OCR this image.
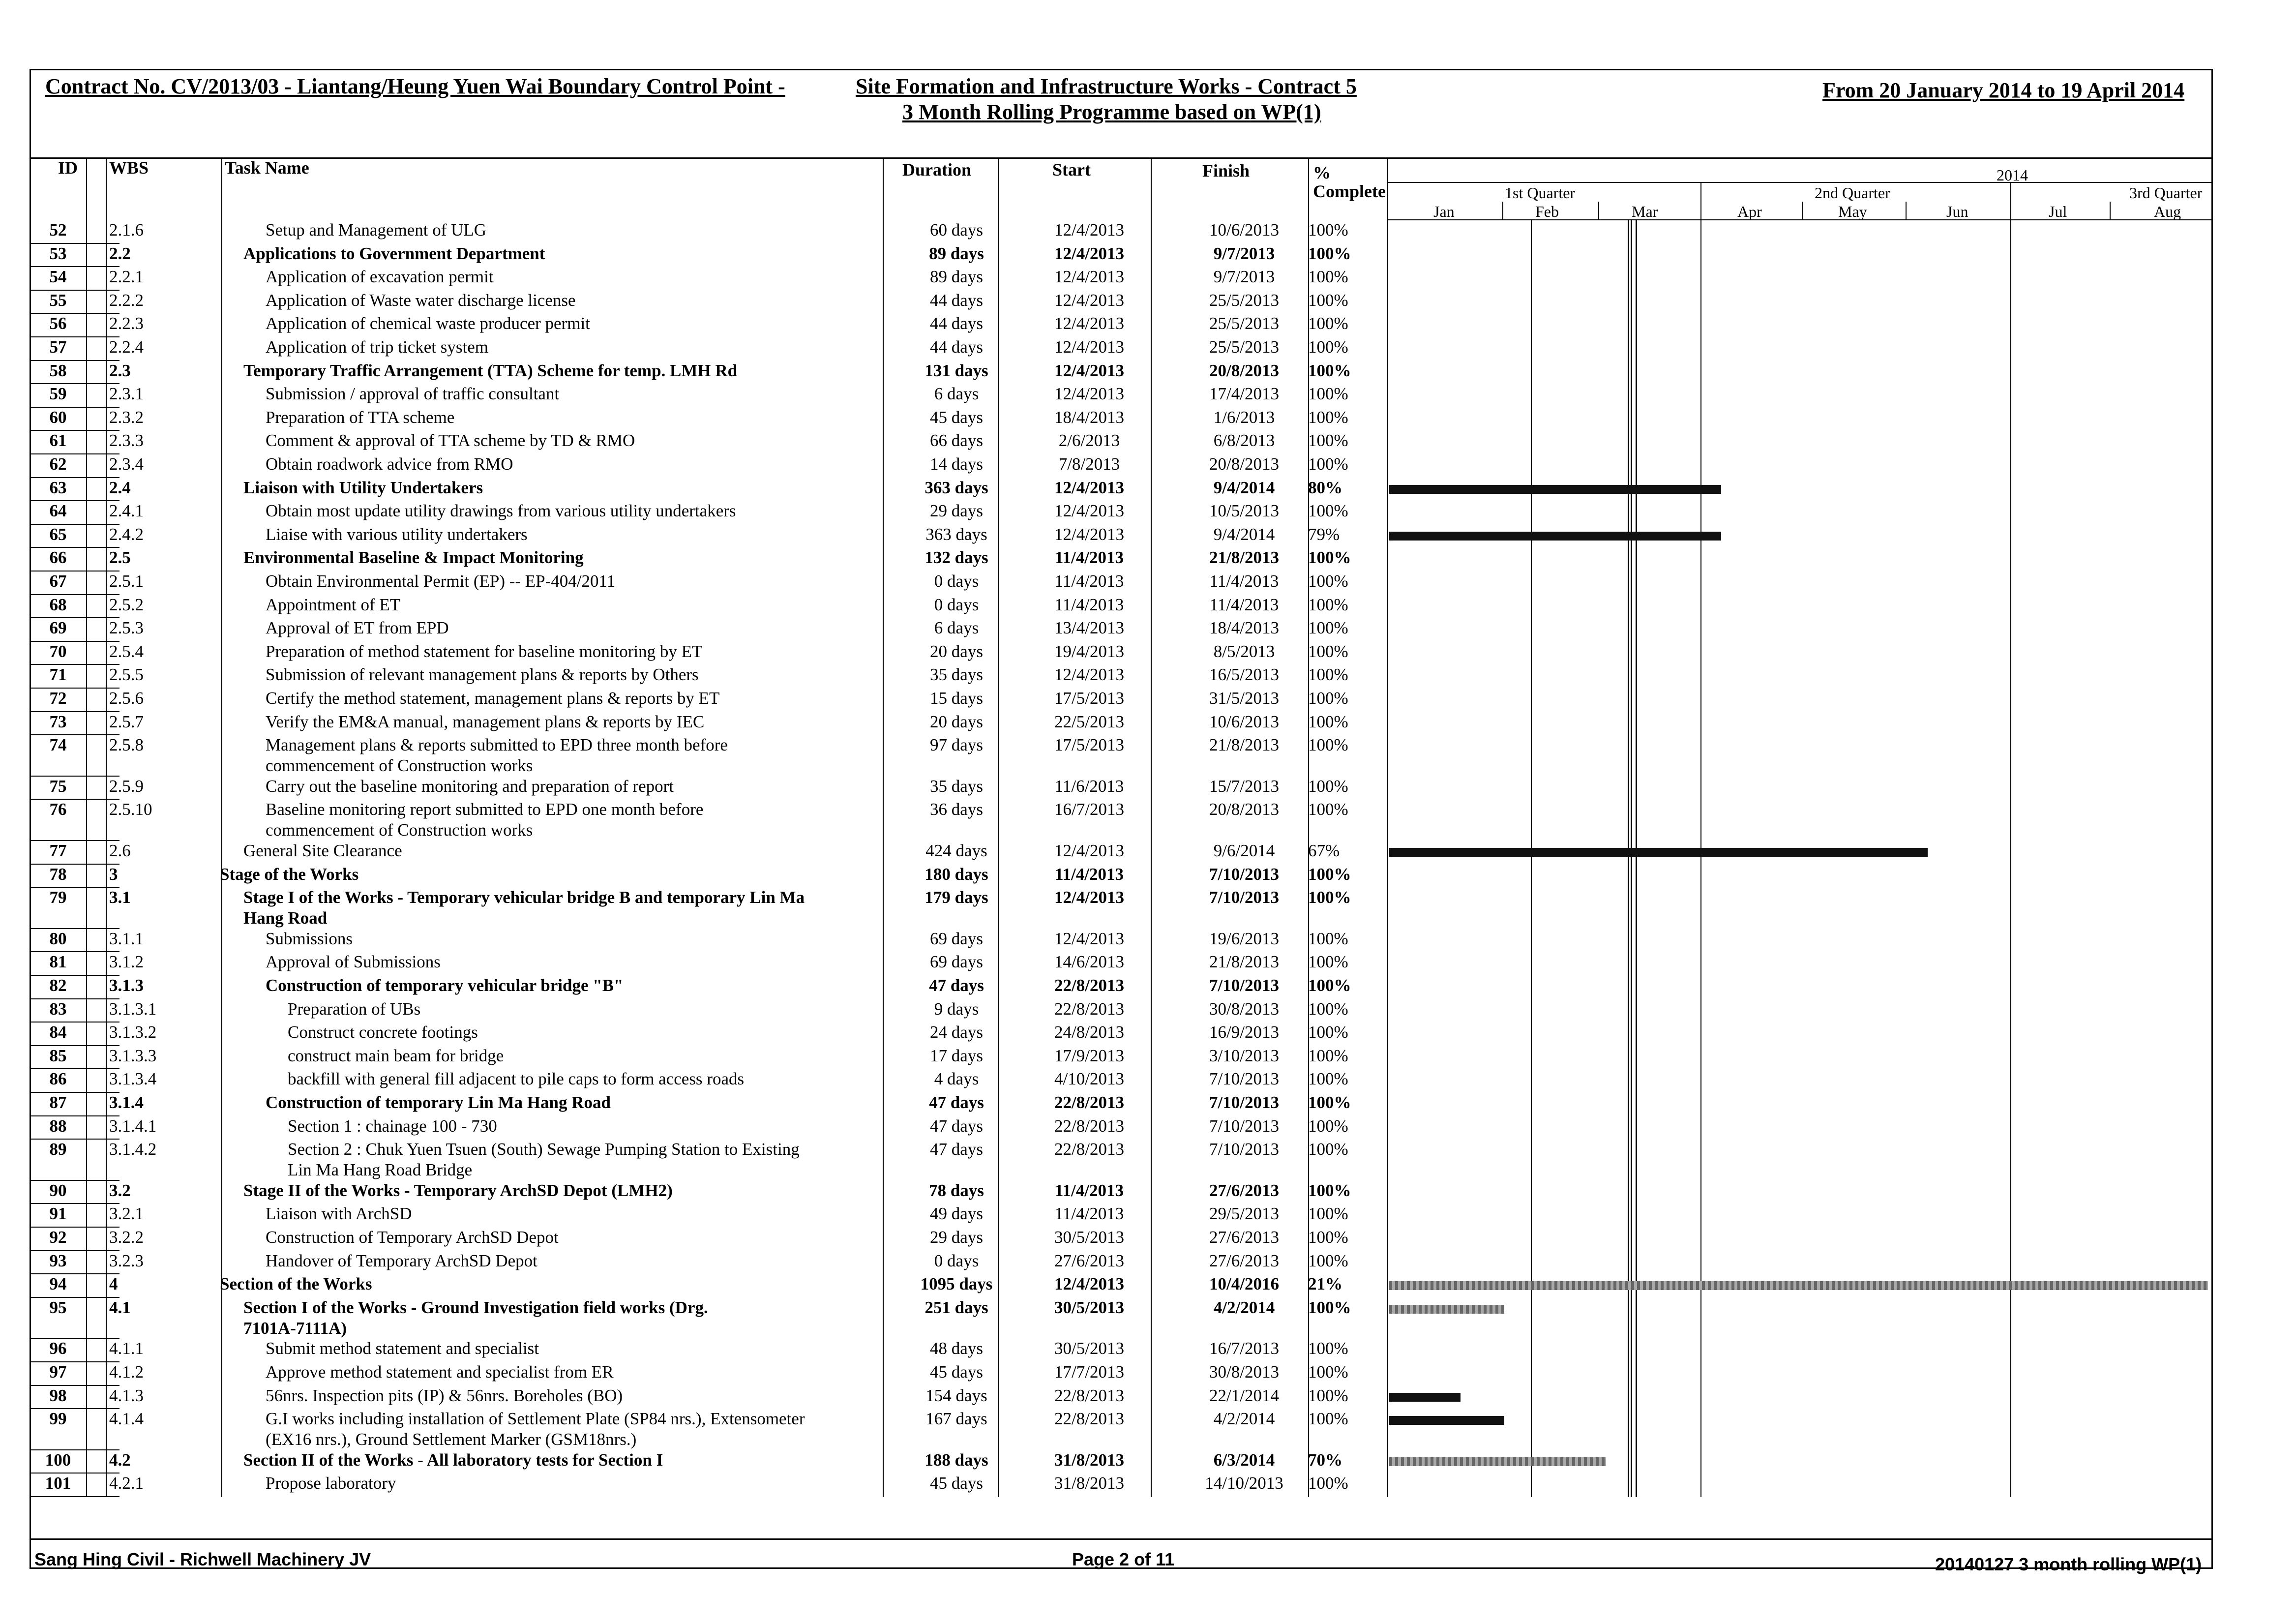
Contract No. CV/2013/03 - Liantang/Heung Yuen Wai Boundary Control Point -	Site Formation and Infrastructure Works - Contract 5
3 Month Rolling Programme based on WP(1)
From 20 January 2014 to 19 April 2014
ID WBS	Task Name	Duration	Start	Finish	%
Complete
2014
1st Quarter	2nd Quarter	3rd Quarter
Jan	Feb	Mar	Apr	May	Jun	Jul	Aug
52	2.1.6	Setup and Management of ULG	60 days	12/4/2013	10/6/2013	100%
53	2.2	Applications to Government Department	89 days	12/4/2013	9/7/2013	100%
54	2.2.1	Application of excavation permit	89 days	12/4/2013	9/7/2013	100%
55	2.2.2	Application of Waste water discharge license	44 days	12/4/2013	25/5/2013	100%
56	2.2.3	Application of chemical waste producer permit	44 days	12/4/2013	25/5/2013	100%
57	2.2.4	Application of trip ticket system	44 days	12/4/2013	25/5/2013	100%
58	2.3	Temporary Traffic Arrangement (TTA) Scheme for temp. LMH Rd	131 days	12/4/2013	20/8/2013	100%
59	2.3.1	Submission / approval of traffic consultant	6 days	12/4/2013	17/4/2013	100%
60	2.3.2	Preparation of TTA scheme	45 days	18/4/2013	1/6/2013	100%
61	2.3.3	Comment & approval of TTA scheme by TD & RMO	66 days	2/6/2013	6/8/2013	100%
62	2.3.4	Obtain roadwork advice from RMO	14 days	7/8/2013	20/8/2013	100%
63	2.4	Liaison with Utility Undertakers	363 days	12/4/2013	9/4/2014	80%
64	2.4.1	Obtain most update utility drawings from various utility undertakers	29 days	12/4/2013	10/5/2013	100%
65	2.4.2	Liaise with various utility undertakers	363 days	12/4/2013	9/4/2014	79%
66	2.5	Environmental Baseline & Impact Monitoring	132 days	11/4/2013	21/8/2013	100%
67	2.5.1	Obtain Environmental Permit (EP) -- EP-404/2011	0 days	11/4/2013	11/4/2013	100%
68	2.5.2	Appointment of ET	0 days	11/4/2013	11/4/2013	100%
69	2.5.3	Approval of ET from EPD	6 days	13/4/2013	18/4/2013	100%
70	2.5.4	Preparation of method statement for baseline monitoring by ET	20 days	19/4/2013	8/5/2013	100%
71	2.5.5	Submission of relevant management plans & reports by Others	35 days	12/4/2013	16/5/2013	100%
72	2.5.6	Certify the method statement, management plans & reports by ET	15 days	17/5/2013	31/5/2013	100%
73	2.5.7	Verify the EM&A manual, management plans & reports by IEC	20 days	22/5/2013	10/6/2013	100%
74	2.5.8	Management plans & reports submitted to EPD three month before	97 days	17/5/2013	21/8/2013	100%
commencement of Construction works
75	2.5.9	Carry out the baseline monitoring and preparation of report	35 days	11/6/2013	15/7/2013	100%
76	2.5.10	Baseline monitoring report submitted to EPD one month before	36 days	16/7/2013	20/8/2013	100%
commencement of Construction works
77	2.6	General Site Clearance	424 days	12/4/2013	9/6/2014	67%
78	3	Stage of the Works	180 days	11/4/2013	7/10/2013	100%
79	3.1	Stage I of the Works - Temporary vehicular bridge B and temporary Lin Ma	179 days	12/4/2013	7/10/2013	100%
Hang Road
80	3.1.1	Submissions	69 days	12/4/2013	19/6/2013	100%
81	3.1.2	Approval of Submissions	69 days	14/6/2013	21/8/2013	100%
82	3.1.3	Construction of temporary vehicular bridge "B"	47 days	22/8/2013	7/10/2013	100%
83	3.1.3.1	Preparation of UBs	9 days	22/8/2013	30/8/2013	100%
84	3.1.3.2	Construct concrete footings	24 days	24/8/2013	16/9/2013	100%
85	3.1.3.3	construct main beam for bridge	17 days	17/9/2013	3/10/2013	100%
86	3.1.3.4	backfill with general fill adjacent to pile caps to form access roads	4 days	4/10/2013	7/10/2013	100%
87	3.1.4	Construction of temporary Lin Ma Hang Road	47 days	22/8/2013	7/10/2013	100%
88	3.1.4.1	Section 1 : chainage 100 - 730	47 days	22/8/2013	7/10/2013	100%
89	3.1.4.2	Section 2 : Chuk Yuen Tsuen (South) Sewage Pumping Station to Existing	47 days	22/8/2013	7/10/2013	100%
Lin Ma Hang Road Bridge
90	3.2	Stage II of the Works - Temporary ArchSD Depot (LMH2)	78 days	11/4/2013	27/6/2013	100%
91	3.2.1	Liaison with ArchSD	49 days	11/4/2013	29/5/2013	100%
92	3.2.2	Construction of Temporary ArchSD Depot	29 days	30/5/2013	27/6/2013	100%
93	3.2.3	Handover of Temporary ArchSD Depot	0 days	27/6/2013	27/6/2013	100%
94	4	Section of the Works	1095 days	12/4/2013	10/4/2016	21%
95	4.1	Section I of the Works - Ground Investigation field works (Drg.	251 days	30/5/2013	4/2/2014	100%
7101A-7111A)
96	4.1.1	Submit method statement and specialist	48 days	30/5/2013	16/7/2013	100%
97	4.1.2	Approve method statement and specialist from ER	45 days	17/7/2013	30/8/2013	100%
98	4.1.3	56nrs. Inspection pits (IP) & 56nrs. Boreholes (BO)	154 days	22/8/2013	22/1/2014	100%
99	4.1.4	G.I works including installation of Settlement Plate (SP84 nrs.), Extensometer	167 days	22/8/2013	4/2/2014	100%
(EX16 nrs.), Ground Settlement Marker (GSM18nrs.)
100	4.2	Section II of the Works - All laboratory tests for Section I	188 days	31/8/2013	6/3/2014	70%
101	4.2.1	Propose laboratory	45 days	31/8/2013	14/10/2013	100%
Sang Hing Civil - Richwell Machinery JV	Page 2 of 11	20140127 3 month rolling WP(1)
